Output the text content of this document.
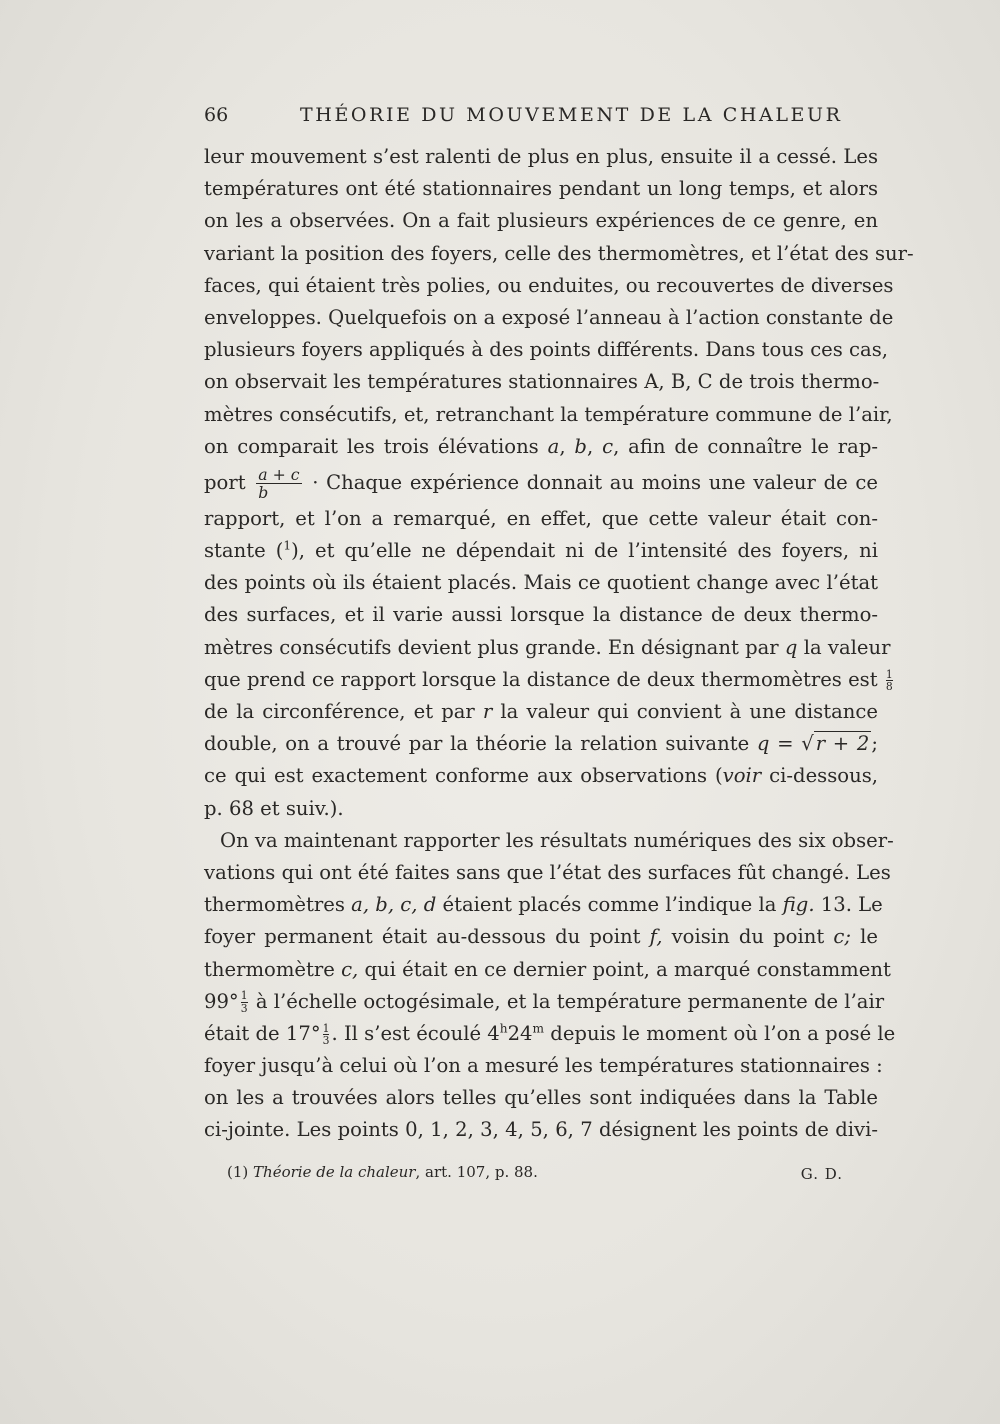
66	THÉORIE DU MOUVEMENT DE LA CHALEUR
leur mouvement s’est ralenti de plus en plus, ensuite il a cessé. Les
températures ont été stationnaires pendant un long temps, et alors
on les a observées. On a fait plusieurs expériences de ce genre, en
variant la position des foyers, celle des thermomètres, et l’état des sur-
faces, qui étaient très polies, ou enduites, ou recouvertes de diverses
enveloppes. Quelquefois on a exposé l’anneau à l’action constante de
plusieurs foyers appliqués à des points différents. Dans tous ces cas,
on observait les températures stationnaires A, B, C de trois thermo-
mètres consécutifs, et, retranchant la température commune de l’air,
on comparait les trois élévations a, b, c, afin de connaître le rap-
port $\frac{a + c}{b}$ · Chaque expérience donnait au moins une valeur de ce
rapport, et l’on a remarqué, en effet, que cette valeur était con-
stante ($^1$), et qu’elle ne dépendait ni de l’intensité des foyers, ni
des points où ils étaient placés. Mais ce quotient change avec l’état
des surfaces, et il varie aussi lorsque la distance de deux thermo-
mètres consécutifs devient plus grande. En désignant par q la valeur
que prend ce rapport lorsque la distance de deux thermomètres est $\frac{1}{8}$
de la circonférence, et par r la valeur qui convient à une distance
double, on a trouvé par la théorie la relation suivante q = √ r + 2 ;
ce qui est exactement conforme aux observations (voir ci-dessous,
p. 68 et suiv.).
On va maintenant rapporter les résultats numériques des six obser-
vations qui ont été faites sans que l’état des surfaces fût changé. Les
thermomètres a, b, c, d étaient placés comme l’indique la fig. 13. Le
foyer permanent était au-dessous du point f, voisin du point c; le
thermomètre c, qui était en ce dernier point, a marqué constamment
$99^\circ \frac{1}{3}$ à l’échelle octogésimale, et la température permanente de l’air
était de $17^\circ \frac{1}{3}$ . Il s’est écoulé 4$^h$24$^m$ depuis le moment où l’on a posé le
foyer jusqu’à celui où l’on a mesuré les températures stationnaires :
on les a trouvées alors telles qu’elles sont indiquées dans la Table
ci-jointe. Les points 0, 1, 2, 3, 4, 5, 6, 7 désignent les points de divi-
(1) Théorie de la chaleur, art. 107, p. 88.	G. D.
